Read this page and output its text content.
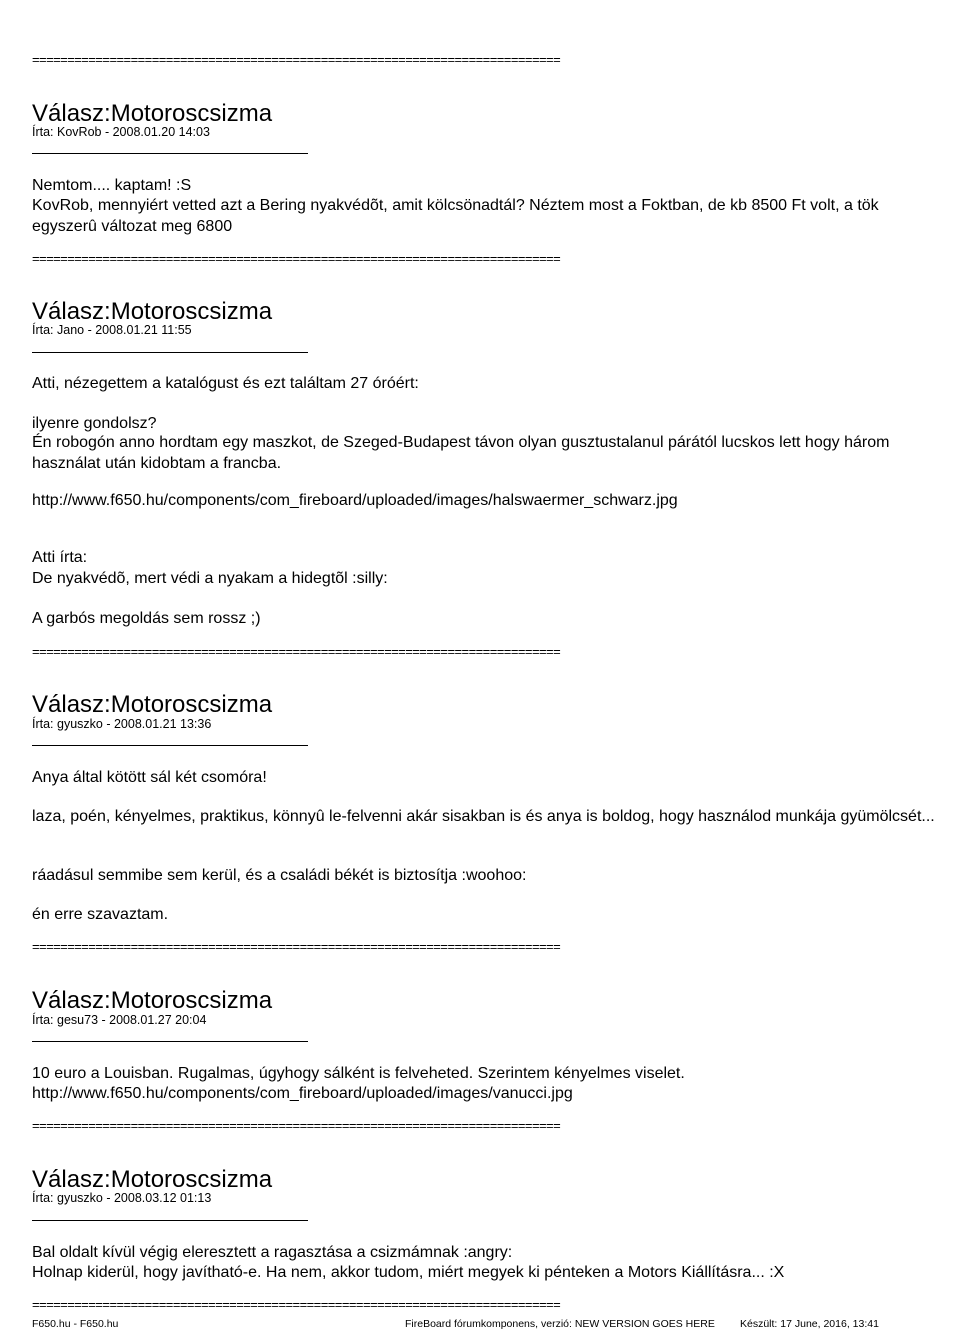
===========================================================================
Válasz:Motoroscsizma
Írta: KovRob - 2008.01.20 14:03
Nemtom.... kaptam! :S
KovRob, mennyiért vetted azt a Bering nyakvédõt, amit kölcsönadtál? Néztem most a Foktban, de kb 8500 Ft volt, a tök egyszerû változat meg 6800
===========================================================================
Válasz:Motoroscsizma
Írta: Jano - 2008.01.21 11:55
Atti, nézegettem a katalógust és ezt találtam 27 óróért:
ilyenre gondolsz?
Én robogón anno hordtam egy maszkot, de Szeged-Budapest távon olyan gusztustalanul párától lucskos lett hogy három használat után kidobtam a francba.
http://www.f650.hu/components/com_fireboard/uploaded/images/halswaermer_schwarz.jpg
Atti írta:
De nyakvédõ, mert védi a nyakam a hidegtõl :silly:
A garbós megoldás sem rossz ;)
===========================================================================
Válasz:Motoroscsizma
Írta: gyuszko - 2008.01.21 13:36
Anya által kötött sál két csomóra!
laza, poén, kényelmes, praktikus, könnyû le-felvenni akár sisakban is és anya is boldog, hogy használod munkája gyümölcsét...
ráadásul semmibe sem kerül, és a családi békét is biztosítja :woohoo:
én erre szavaztam.
===========================================================================
Válasz:Motoroscsizma
Írta: gesu73 - 2008.01.27 20:04
10 euro a Louisban. Rugalmas, úgyhogy sálként is felveheted. Szerintem kényelmes viselet.
http://www.f650.hu/components/com_fireboard/uploaded/images/vanucci.jpg
===========================================================================
Válasz:Motoroscsizma
Írta: gyuszko - 2008.03.12 01:13
Bal oldalt kívül végig eleresztett a ragasztása a csizmámnak :angry:
Holnap kiderül, hogy javítható-e. Ha nem, akkor tudom, miért megyek ki pénteken a Motors Kiállításra... :X
===========================================================================
F650.hu - F650.hu	FireBoard fórumkomponens, verzió: NEW VERSION GOES HERE Készült: 17 June, 2016, 13:41
